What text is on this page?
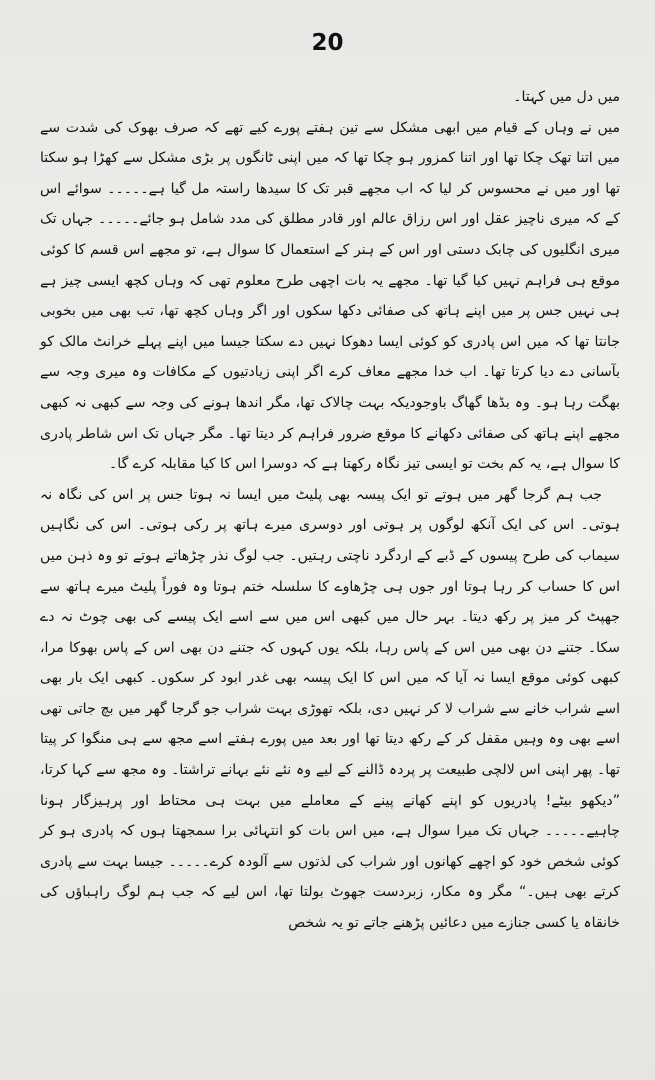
20

میں دل میں کہتا۔

میں نے وہاں کے قیام میں ابھی مشکل سے تین ہفتے پورے کیے تھے کہ صرف بھوک کی شدت سے میں اتنا تھک چکا تھا اور اتنا کمزور ہو چکا تھا کہ میں اپنی ٹانگوں پر بڑی مشکل سے کھڑا ہو سکتا تھا اور میں نے محسوس کر لیا کہ اب مجھے قبر تک کا سیدھا راستہ مل گیا ہے۔۔۔۔۔ سوائے اس کے کہ میری ناچیز عقل اور اس رزاق عالم اور قادر مطلق کی مدد شامل ہو جائے۔۔۔۔۔ جہاں تک میری انگلیوں کی چابک دستی اور اس کے ہنر کے استعمال کا سوال ہے، تو مجھے اس قسم کا کوئی موقع ہی فراہم نہیں کیا گیا تھا۔ مجھے یہ بات اچھی طرح معلوم تھی کہ وہاں کچھ ایسی چیز ہے ہی نہیں جس پر میں اپنے ہاتھ کی صفائی دکھا سکوں اور اگر وہاں کچھ تھا، تب بھی میں بخوبی جانتا تھا کہ میں اس پادری کو کوئی ایسا دھوکا نہیں دے سکتا جیسا میں اپنے پہلے خرانٹ مالک کو بآسانی دے دیا کرتا تھا۔ اب خدا مجھے معاف کرے اگر اپنی زیادتیوں کے مکافات وہ میری وجہ سے بھگت رہا ہو۔ وہ بڈھا گھاگ باوجودیکہ بہت چالاک تھا، مگر اندھا ہونے کی وجہ سے کبھی نہ کبھی مجھے اپنے ہاتھ کی صفائی دکھانے کا موقع ضرور فراہم کر دیتا تھا۔ مگر جہاں تک اس شاطر پادری کا سوال ہے، یہ کم بخت تو ایسی تیز نگاہ رکھتا ہے کہ دوسرا اس کا کیا مقابلہ کرے گا۔

جب ہم گرجا گھر میں ہوتے تو ایک پیسہ بھی پلیٹ میں ایسا نہ ہوتا جس پر اس کی نگاہ نہ ہوتی۔ اس کی ایک آنکھ لوگوں پر ہوتی اور دوسری میرے ہاتھ پر رکی ہوتی۔ اس کی نگاہیں سیماب کی طرح پیسوں کے ڈبے کے اردگرد ناچتی رہتیں۔ جب لوگ نذر چڑھاتے ہوتے تو وہ ذہن میں اس کا حساب کر رہا ہوتا اور جوں ہی چڑھاوے کا سلسلہ ختم ہوتا وہ فوراً پلیٹ میرے ہاتھ سے جھپٹ کر میز پر رکھ دیتا۔ بہر حال میں کبھی اس میں سے اسے ایک پیسے کی بھی چوٹ نہ دے سکا۔ جتنے دن بھی میں اس کے پاس رہا، بلکہ یوں کہوں کہ جتنے دن بھی اس کے پاس بھوکا مرا، کبھی کوئی موقع ایسا نہ آیا کہ میں اس کا ایک پیسہ بھی غدر ابود کر سکوں۔ کبھی ایک بار بھی اسے شراب خانے سے شراب لا کر نہیں دی، بلکہ تھوڑی بہت شراب جو گرجا گھر میں بچ جاتی تھی اسے بھی وہ وہیں مقفل کر کے رکھ دیتا تھا اور بعد میں پورے ہفتے اسے مجھ سے ہی منگوا کر پیتا تھا۔ پھر اپنی اس لالچی طبیعت پر پردہ ڈالنے کے لیے وہ نئے نئے بہانے تراشتا۔ وہ مجھ سے کہا کرتا، ”دیکھو بیٹے! پادریوں کو اپنے کھانے پینے کے معاملے میں بہت ہی محتاط اور پرہیزگار ہونا چاہیے۔۔۔۔۔ جہاں تک میرا سوال ہے، میں اس بات کو انتہائی برا سمجھتا ہوں کہ پادری ہو کر کوئی شخص خود کو اچھے کھانوں اور شراب کی لذتوں سے آلودہ کرے۔۔۔۔۔ جیسا بہت سے پادری کرتے بھی ہیں۔“ مگر وہ مکار، زبردست جھوٹ بولتا تھا، اس لیے کہ جب ہم لوگ راہباؤں کی خانقاہ یا کسی جنازے میں دعائیں پڑھنے جاتے تو یہ شخص
